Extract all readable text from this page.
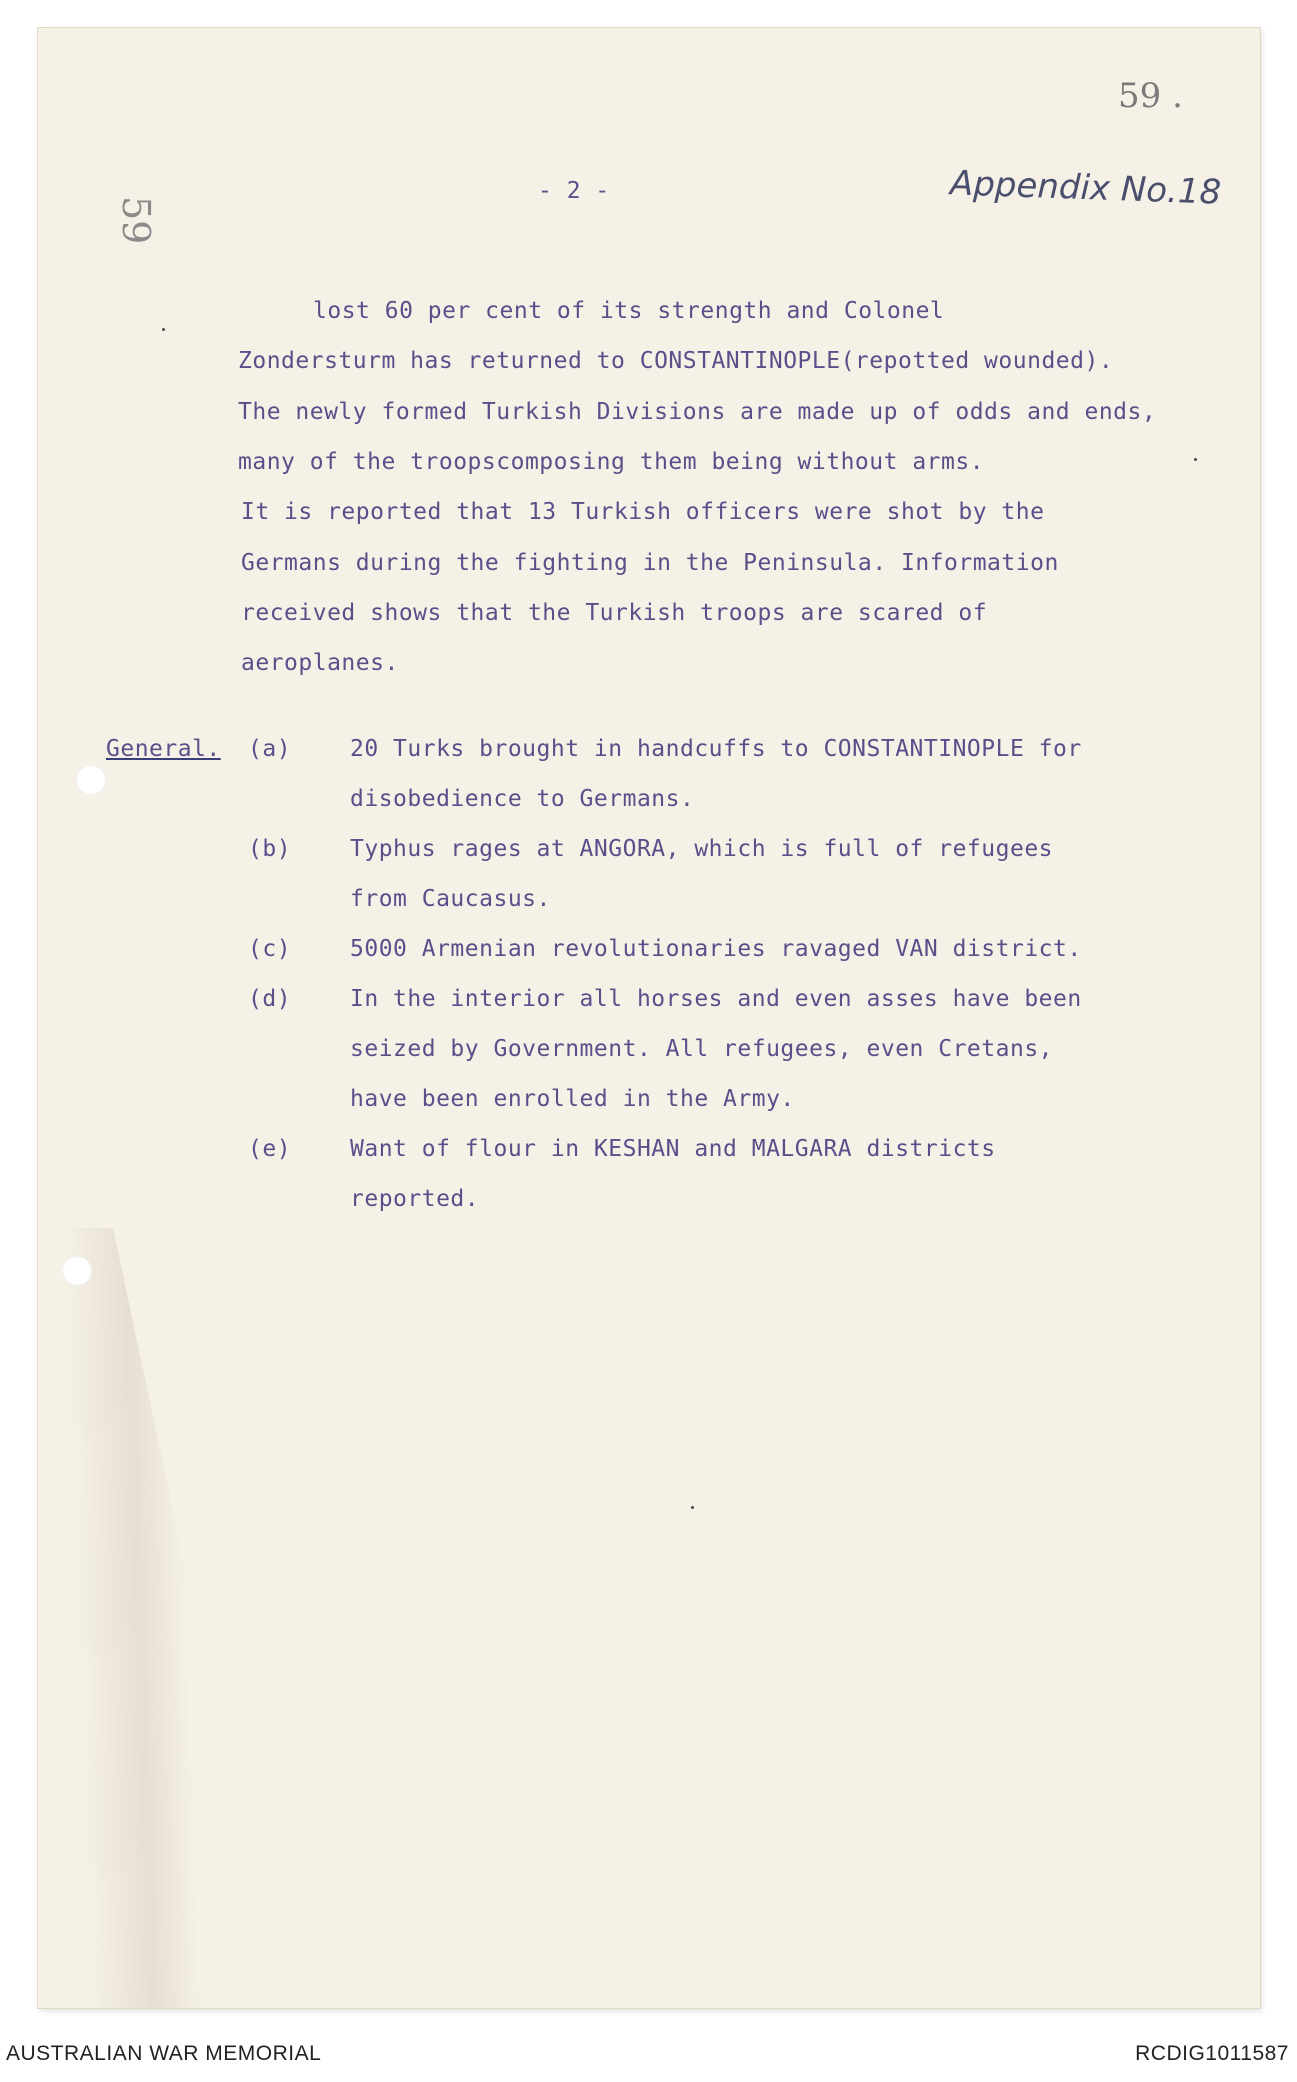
59 .
59
Appendix No.18
- 2 -
lost 60 per cent of its strength and Colonel
Zondersturm has returned to CONSTANTINOPLE(repotted wounded).
The newly formed Turkish Divisions are made up of odds and ends,
many of the troopscomposing them being without arms.
It is reported that 13 Turkish officers were shot by the
Germans during the fighting in the Peninsula. Information
received shows that the Turkish troops are scared of
aeroplanes.
General. (a)	20 Turks brought in handcuffs to CONSTANTINOPLE for
disobedience to Germans.
(b)	Typhus rages at ANGORA, which is full of refugees
from Caucasus.
(c)	5000 Armenian revolutionaries ravaged VAN district.
(d)	In the interior all horses and even asses have been
seized by Government. All refugees, even Cretans,
have been enrolled in the Army.
(e)	Want of flour in KESHAN and MALGARA districts
reported.
AUSTRALIAN WAR MEMORIAL	RCDIG1011587
